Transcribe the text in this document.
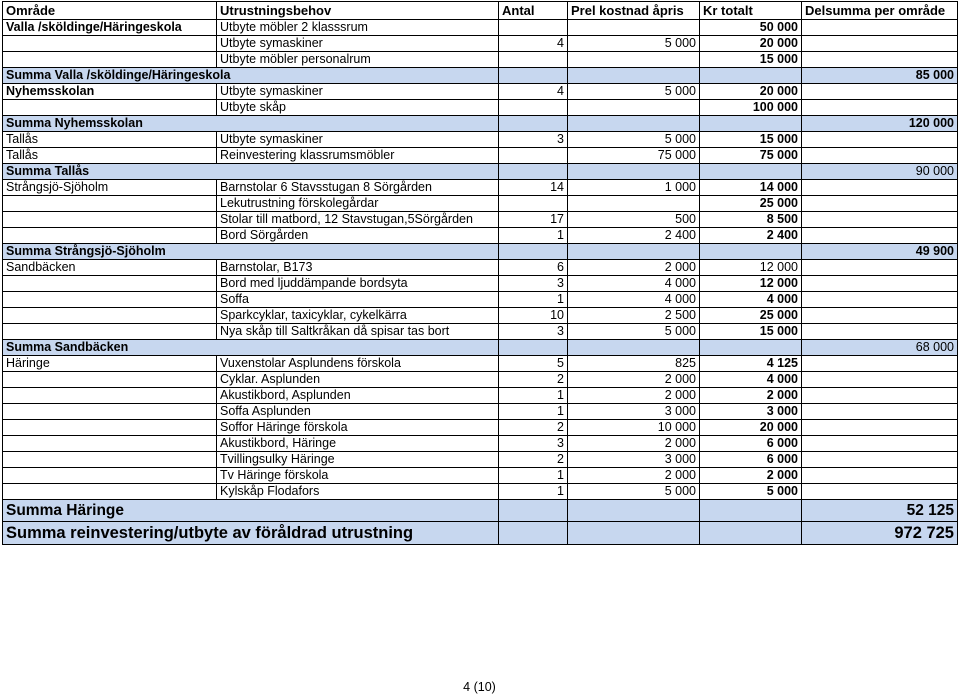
Område	Utrustningsbehov	Antal	Prel kostnad åpris	Kr totalt	Delsumma per område
Valla /sköldinge/Häringeskola	Utbyte möbler 2 klasssrum			50 000	
	Utbyte symaskiner	4	5 000	20 000	
	Utbyte möbler personalrum			15 000	
Summa Valla /sköldinge/Häringeskola					85 000
Nyhemsskolan	Utbyte symaskiner	4	5 000	20 000	
	Utbyte skåp			100 000	
Summa Nyhemsskolan					120 000
Tallås	Utbyte symaskiner	3	5 000	15 000	
Tallås	Reinvestering klassrumsmöbler		75 000	75 000	
Summa Tallås					90 000
Strångsjö-Sjöholm	Barnstolar 6 Stavsstugan 8 Sörgården	14	1 000	14 000	
	Lekutrustning förskolegårdar			25 000	
	Stolar till matbord, 12 Stavstugan,5Sörgården	17	500	8 500	
	Bord Sörgården	1	2 400	2 400	
Summa Strångsjö-Sjöholm					49 900
Sandbäcken	Barnstolar, B173	6	2 000	12 000	
	Bord med ljuddämpande bordsyta	3	4 000	12 000	
	Soffa	1	4 000	4 000	
	Sparkcyklar, taxicyklar, cykelkärra	10	2 500	25 000	
	Nya skåp till Saltkråkan då spisar tas bort	3	5 000	15 000	
Summa Sandbäcken					68 000
Häringe	Vuxenstolar Asplundens förskola	5	825	4 125	
	Cyklar. Asplunden	2	2 000	4 000	
	Akustikbord, Asplunden	1	2 000	2 000	
	Soffa Asplunden	1	3 000	3 000	
	Soffor Häringe förskola	2	10 000	20 000	
	Akustikbord, Häringe	3	2 000	6 000	
	Tvillingsulky Häringe	2	3 000	6 000	
	Tv Häringe förskola	1	2 000	2 000	
	Kylskåp Flodafors	1	5 000	5 000	
Summa Häringe					52 125
Summa reinvestering/utbyte av föråldrad utrustning					972 725
4 (10)
